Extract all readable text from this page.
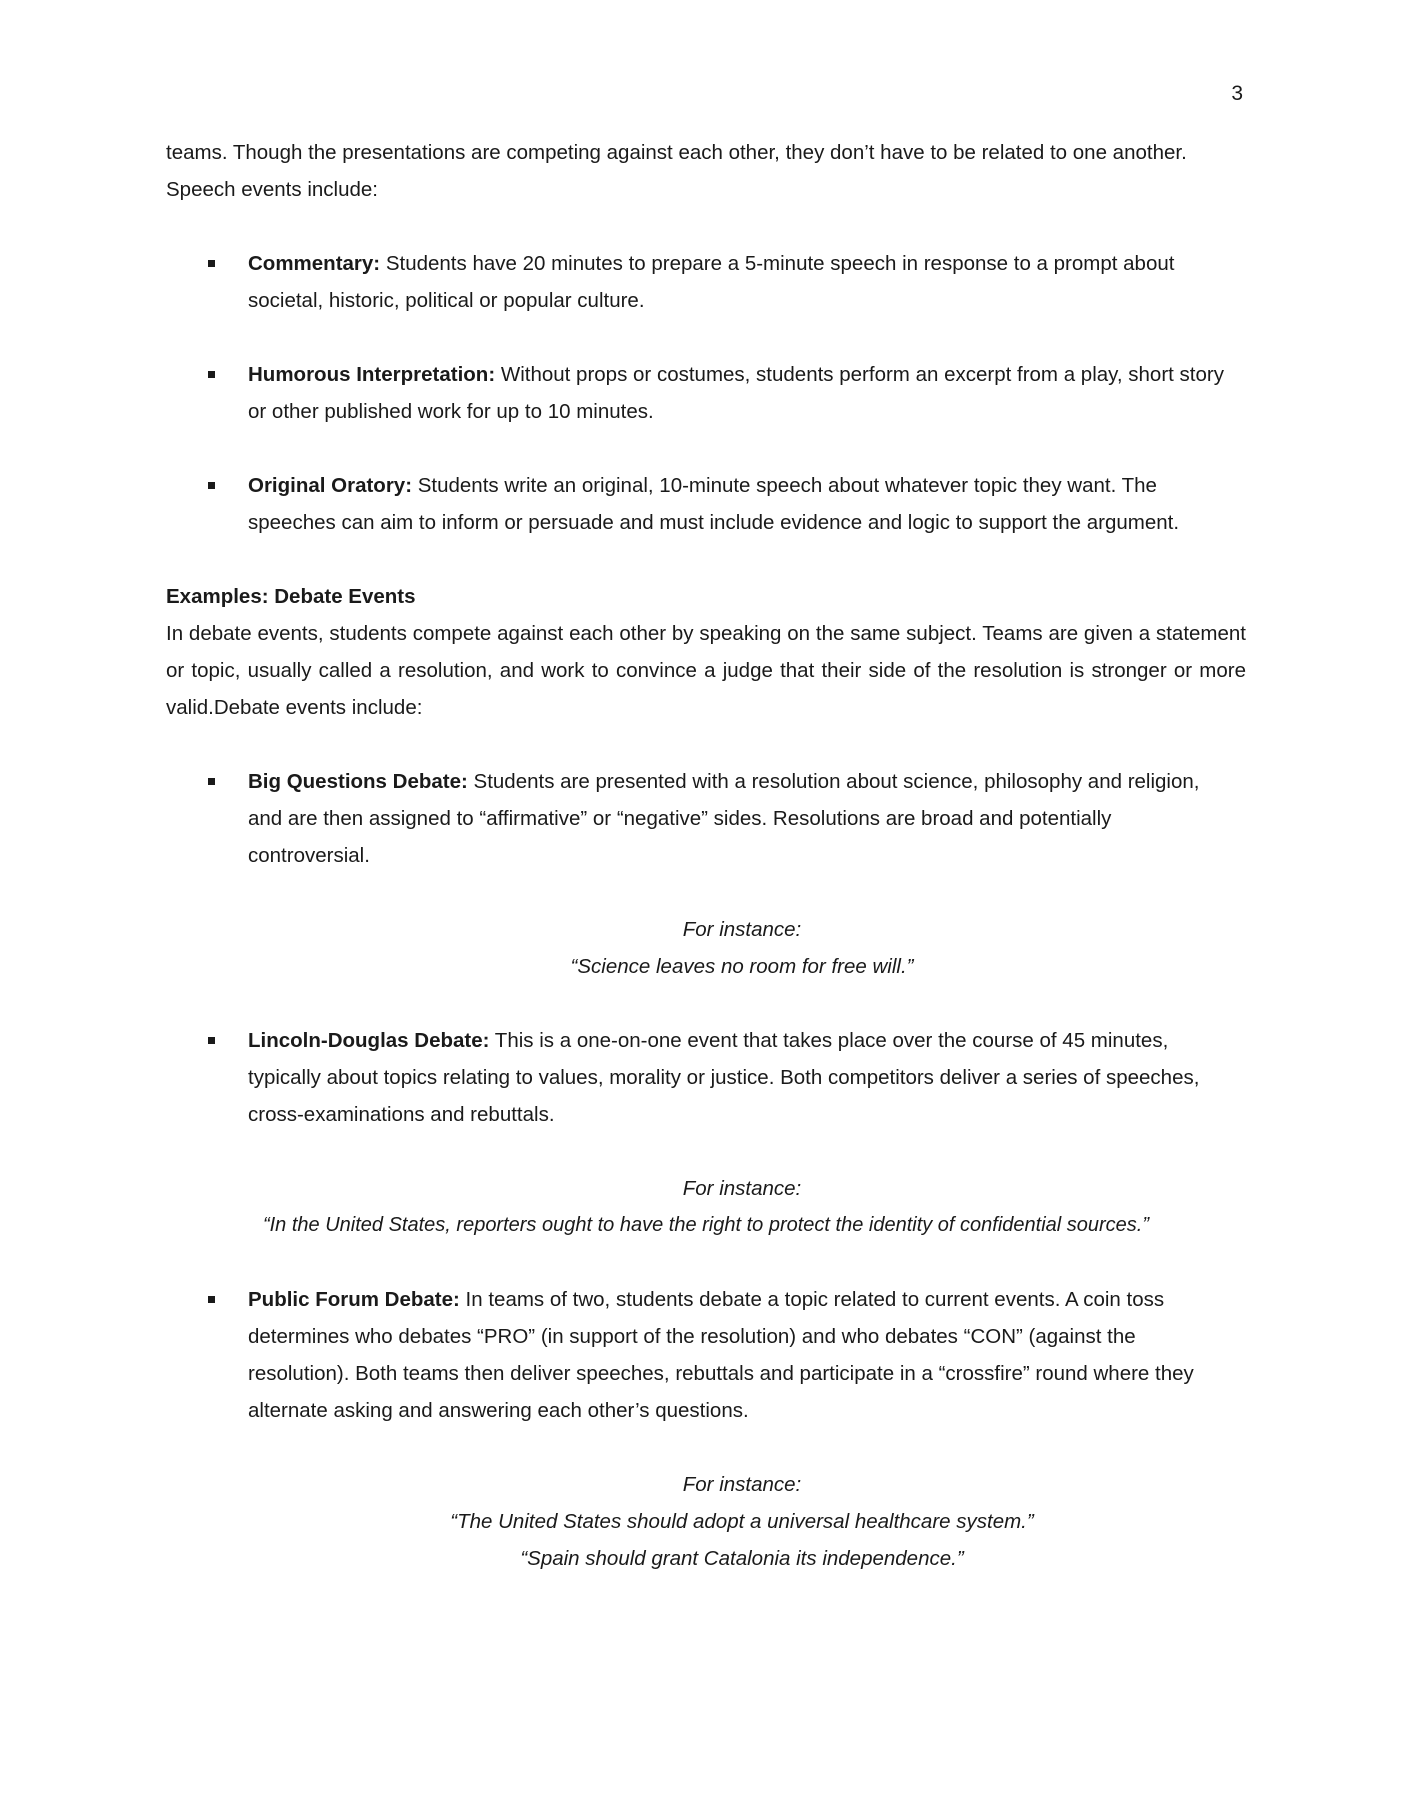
3

teams. Though the presentations are competing against each other, they don’t have to be related to one another.

Speech events include:

Commentary: Students have 20 minutes to prepare a 5-minute speech in response to a prompt about societal, historic, political or popular culture.
Humorous Interpretation: Without props or costumes, students perform an excerpt from a play, short story or other published work for up to 10 minutes.
Original Oratory: Students write an original, 10-minute speech about whatever topic they want. The speeches can aim to inform or persuade and must include evidence and logic to support the argument.

Examples: Debate Events

In debate events, students compete against each other by speaking on the same subject. Teams are given a statement or topic, usually called a resolution, and work to convince a judge that their side of the resolution is stronger or more valid.Debate events include:

Big Questions Debate: Students are presented with a resolution about science, philosophy and religion, and are then assigned to “affirmative” or “negative” sides. Resolutions are broad and potentially controversial.

For instance:

“Science leaves no room for free will.”

Lincoln-Douglas Debate: This is a one-on-one event that takes place over the course of 45 minutes, typically about topics relating to values, morality or justice. Both competitors deliver a series of speeches, cross-examinations and rebuttals.

For instance:

“In the United States, reporters ought to have the right to protect the identity of confidential sources.”

Public Forum Debate: In teams of two, students debate a topic related to current events. A coin toss determines who debates “PRO” (in support of the resolution) and who debates “CON” (against the resolution). Both teams then deliver speeches, rebuttals and participate in a “crossfire” round where they alternate asking and answering each other’s questions.

For instance:

“The United States should adopt a universal healthcare system.”

“Spain should grant Catalonia its independence.”
